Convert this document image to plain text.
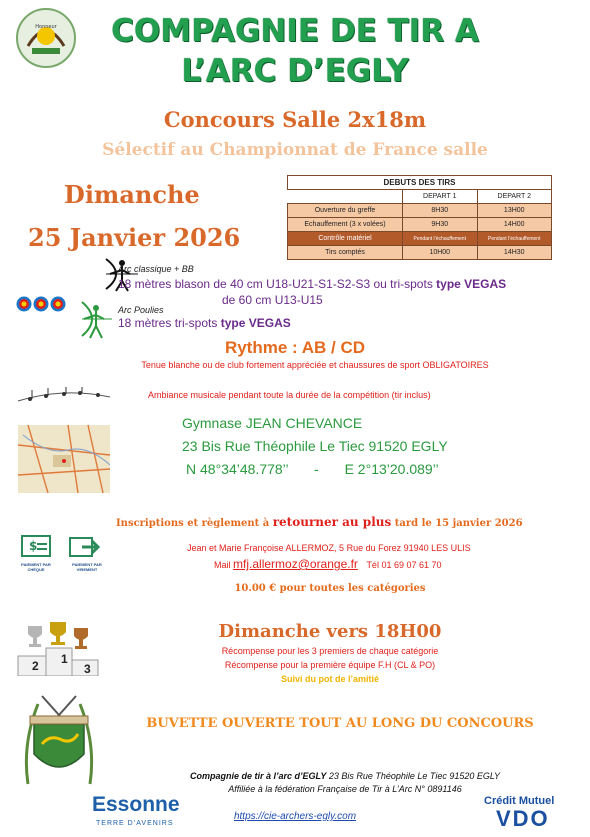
Honneur	COMPAGNIE DE TIR A
L’ARC D’EGLY
Concours Salle 2x18m
Sélectif au Championnat de France salle
Dimanche
25 Janvier 2026
DEBUTS DES TIRS		
	DEPART 1	DEPART 2
Ouverture du greffe	8H30	13H00
Echauffement (3 x volées)	9H30	14H00
Contrôle matériel	Pendant l’échauffement	Pendant l’échauffement
Tirs comptés	10H00	14H30
Arc classique + BB
18 mètres blason de 40 cm U18-U21-S1-S2-S3 ou tri-spots type VEGAS
de 60 cm U13-U15
Arc Poulies
18 mètres tri-spots type VEGAS
Rythme : AB / CD
Tenue blanche ou de club fortement appréciée et chaussures de sport OBLIGATOIRES
Ambiance musicale pendant toute la durée de la compétition (tir inclus)
Gymnase JEAN CHEVANCE
23 Bis Rue Théophile Le Tiec 91520 EGLY
N 48°34’48.778’’ - E 2°13’20.089’’
Inscriptions et règlement à retourner au plus tard le 15 janvier 2026
$
PAIEMENT PAR CHÈQUE
PAIEMENT PAR VIREMENT
Jean et Marie Françoise ALLERMOZ, 5 Rue du Forez 91940 LES ULIS
Mail mfj.allermoz@orange.fr Tél 01 69 07 61 70
10.00 € pour toutes les catégories
2 1
3
Dimanche vers 18H00
Récompense pour les 3 premiers de chaque catégorie
Récompense pour la première équipe F.H (CL & PO)
Suivi du pot de l’amitié
BUVETTE OUVERTE TOUT AU LONG DU CONCOURS
Compagnie de tir à l’arc d’EGLY 23 Bis Rue Théophile Le Tiec 91520 EGLY
Affiliée à la fédération Française de Tir à L’Arc N° 0891146
Essonne
TERRE D’AVENIRS
https://cie-archers-egly.com
Crédit Mutuel
VDO
